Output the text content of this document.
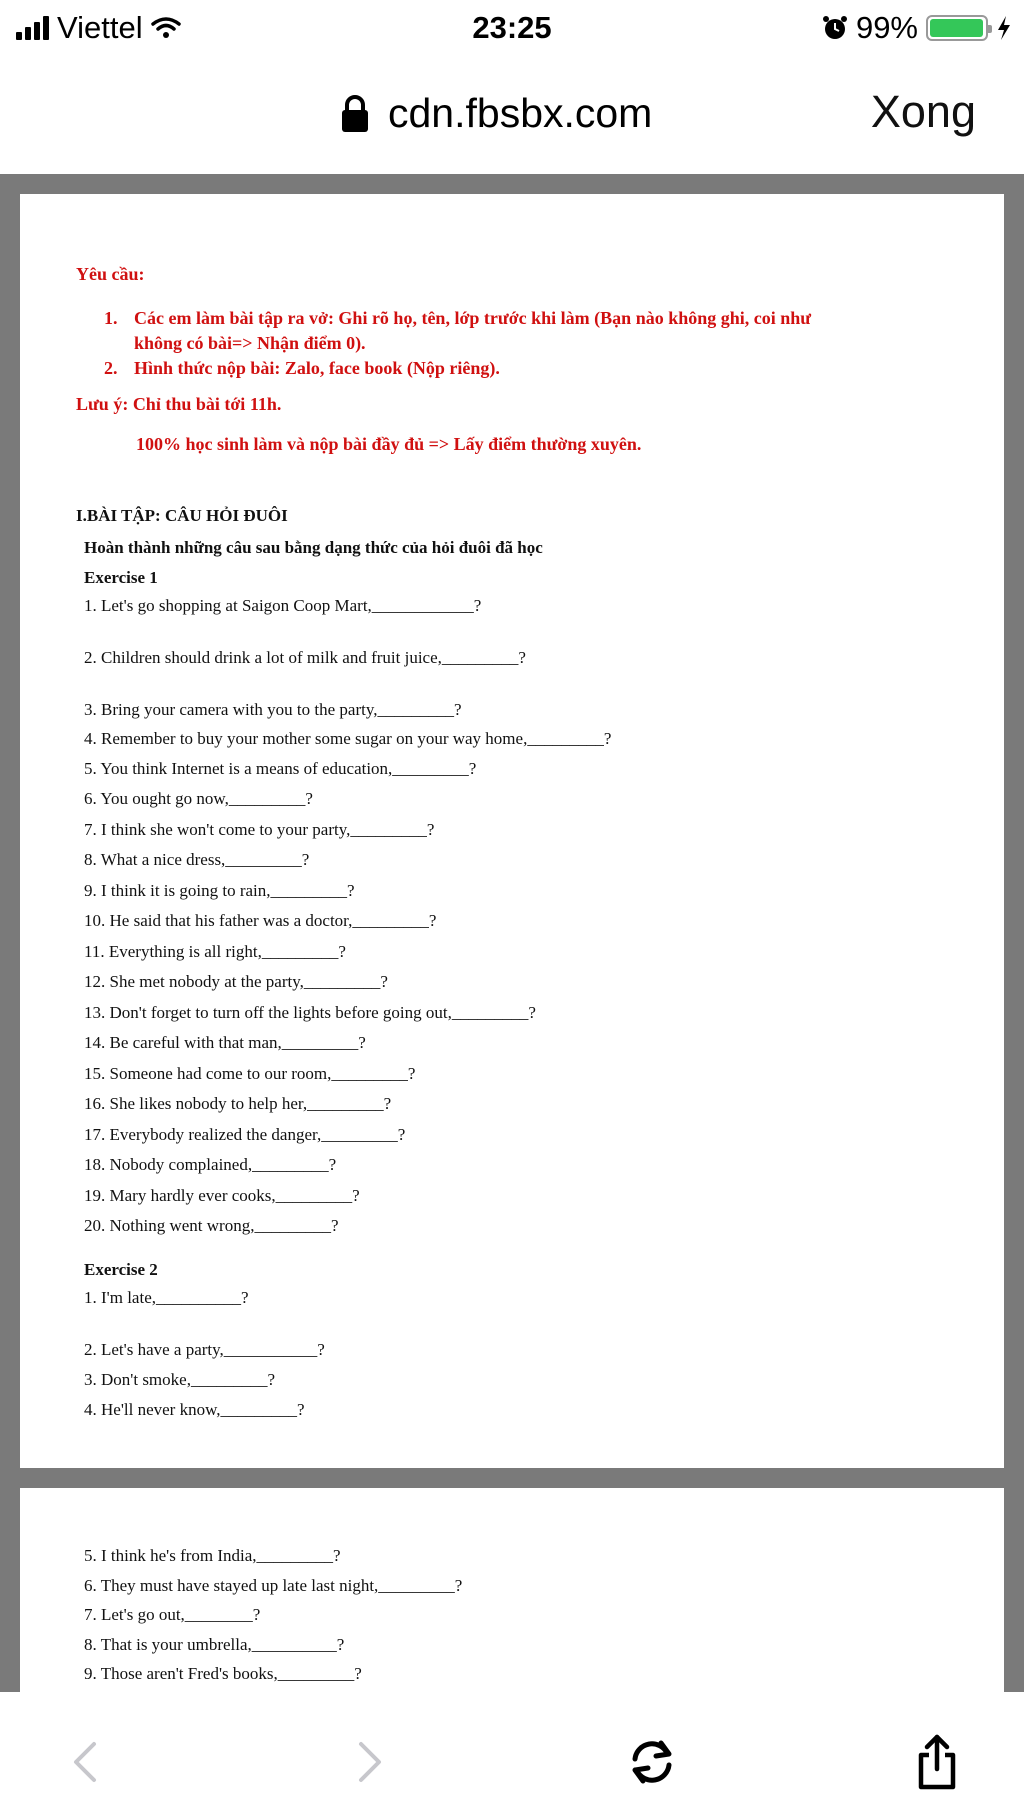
Viettel	23:25	99%
cdn.fbsbx.com	Xong
Yêu cầu:
1. Các em làm bài tập ra vở: Ghi rõ họ, tên, lớp trước khi làm (Bạn nào không ghi, coi như
không có bài=> Nhận điểm 0).
2. Hình thức nộp bài: Zalo, face book (Nộp riêng).
Lưu ý: Chỉ thu bài tới 11h.
100% học sinh làm và nộp bài đầy đủ => Lấy điểm thường xuyên.
I.BÀI TẬP: CÂU HỎI ĐUÔI
Hoàn thành những câu sau bằng dạng thức của hỏi đuôi đã học
Exercise 1
1. Let's go shopping at Saigon Coop Mart,____________?
2. Children should drink a lot of milk and fruit juice,_________?
3. Bring your camera with you to the party,_________?
4. Remember to buy your mother some sugar on your way home,_________?
5. You think Internet is a means of education,_________?
6. You ought go now,_________?
7. I think she won't come to your party,_________?
8. What a nice dress,_________?
9. I think it is going to rain,_________?
10. He said that his father was a doctor,_________?
11. Everything is all right,_________?
12. She met nobody at the party,_________?
13. Don't forget to turn off the lights before going out,_________?
14. Be careful with that man,_________?
15. Someone had come to our room,_________?
16. She likes nobody to help her,_________?
17. Everybody realized the danger,_________?
18. Nobody complained,_________?
19. Mary hardly ever cooks,_________?
20. Nothing went wrong,_________?
Exercise 2
1. I'm late,__________?
2. Let's have a party,___________?
3. Don't smoke,_________?
4. He'll never know,_________?
5. I think he's from India,_________?
6. They must have stayed up late last night,_________?
7. Let's go out,________?
8. That is your umbrella,__________?
9. Those aren't Fred's books,_________?
